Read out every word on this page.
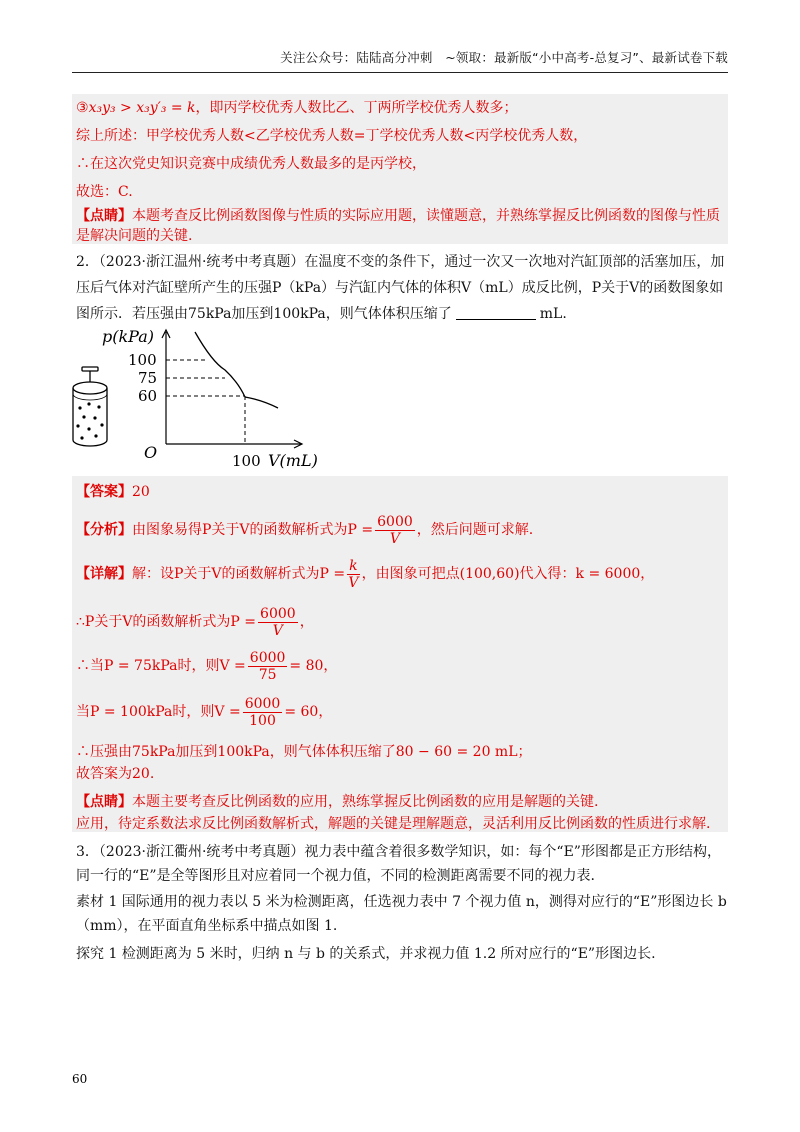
关注公众号：陆陆高分冲刺　~领取：最新版“小中高考-总复习”、最新试卷下载
③x₃y₃ > x₃y′₃ = k，即丙学校优秀人数比乙、丁两所学校优秀人数多；
综上所述：甲学校优秀人数<乙学校优秀人数=丁学校优秀人数<丙学校优秀人数，
∴在这次党史知识竞赛中成绩优秀人数最多的是丙学校，
故选：C.
【点睛】本题考查反比例函数图像与性质的实际应用题，读懂题意，并熟练掌握反比例函数的图像与性质
是解决问题的关键.
2．（2023·浙江温州·统考中考真题）在温度不变的条件下，通过一次又一次地对汽缸顶部的活塞加压，加
压后气体对汽缸壁所产生的压强P（kPa）与汽缸内气体的体积V（mL）成反比例，P关于V的函数图象如
图所示．若压强由75kPa加压到100kPa，则气体体积压缩了	mL.
p(kPa)
100
75
60
O	100 V(mL)
【答案】20
【分析】由图象易得P关于V的函数解析式为$P = \frac{6000}{V}$ ，然后问题可求解.
【详解】解：设P关于V的函数解析式为$P = \frac{k}{V}$ ，由图象可把点(100,60)代入得：k = 6000，
∴P关于V的函数解析式为$P = \frac{6000}{V}$ ，
∴当P = 75kPa时，则$V = \frac{6000}{75} = 80$，
当P = 100kPa时，则$V = \frac{6000}{100} = 60$，
∴压强由75kPa加压到100kPa，则气体体积压缩了80 − 60 = 20 mL；
故答案为20.
【点睛】本题主要考查反比例函数的应用，熟练掌握反比例函数的应用是解题的关键.
应用，待定系数法求反比例函数解析式，解题的关键是理解题意，灵活利用反比例函数的性质进行求解.
3．（2023·浙江衢州·统考中考真题）视力表中蕴含着很多数学知识，如：每个“E”形图都是正方形结构，
同一行的“E”是全等图形且对应着同一个视力值，不同的检测距离需要不同的视力表.
素材 1 国际通用的视力表以 5 米为检测距离，任选视力表中 7 个视力值 n，测得对应行的“E”形图边长 b
（mm），在平面直角坐标系中描点如图 1.
探究 1 检测距离为 5 米时，归纳 n 与 b 的关系式，并求视力值 1.2 所对应行的“E”形图边长.
60
